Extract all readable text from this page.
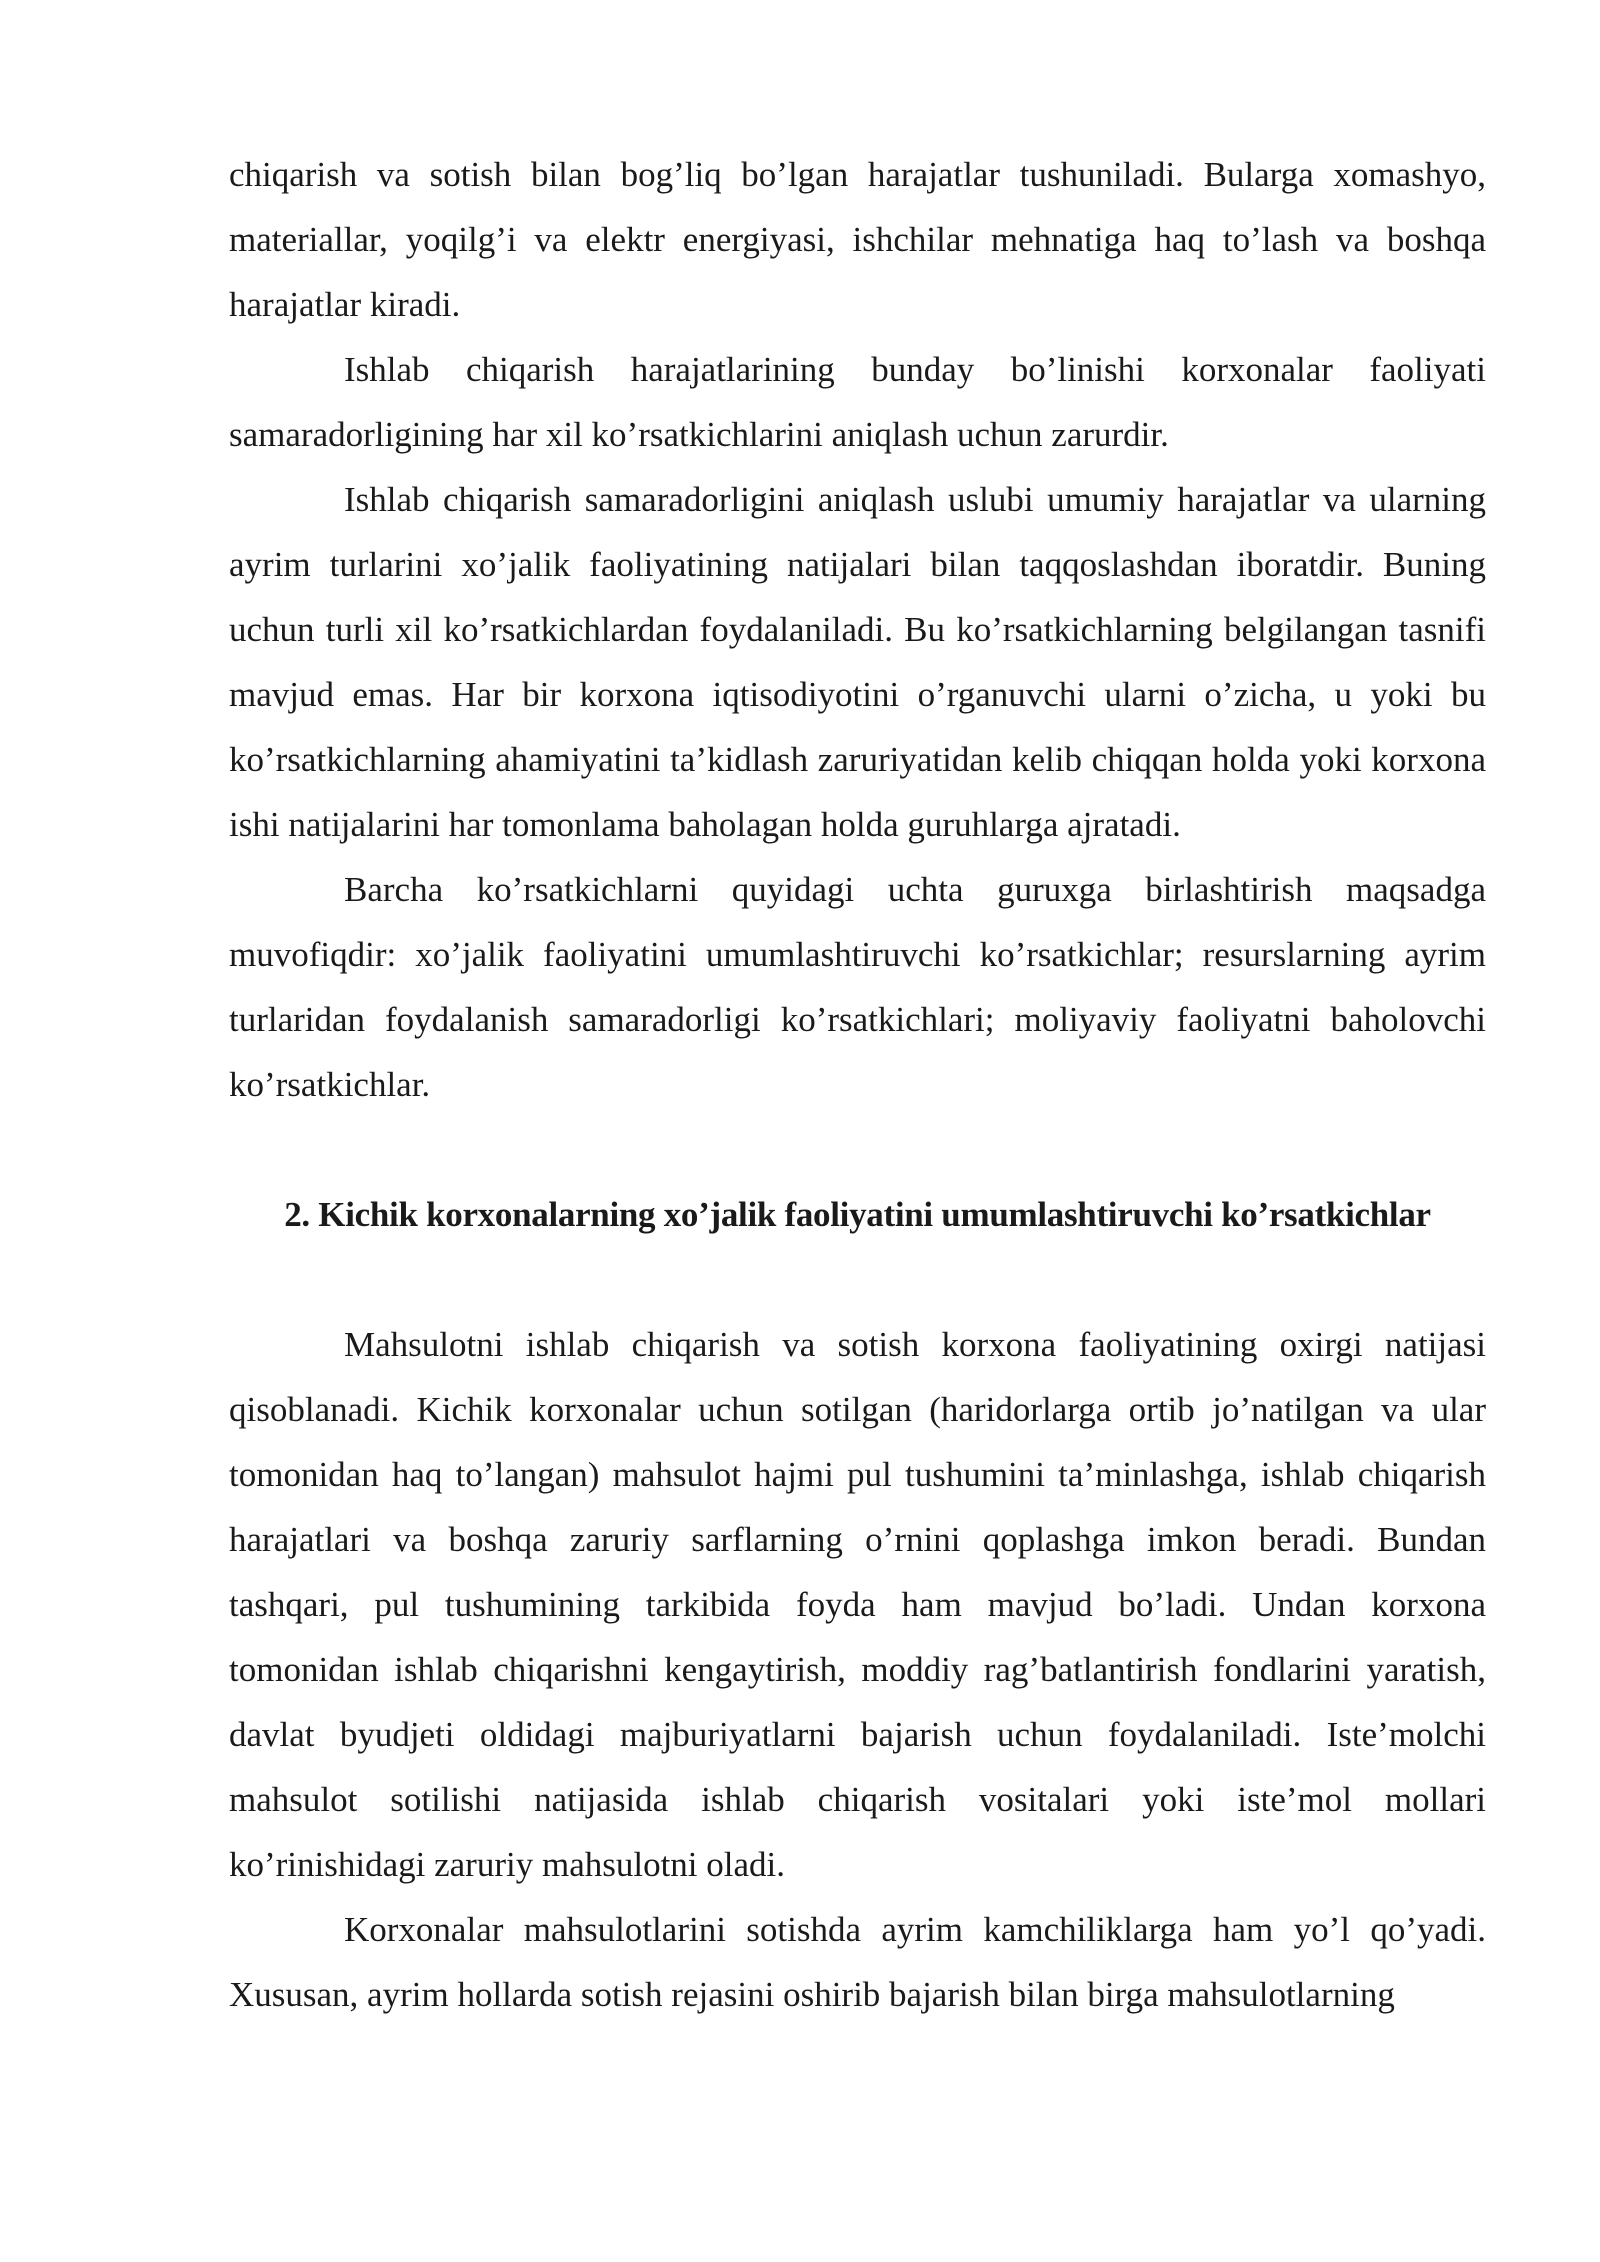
chiqarish va sotish bilan bog’liq bo’lgan harajatlar tushuniladi. Bularga xomashyo, materiallar, yoqilg’i va elektr energiyasi, ishchilar mehnatiga haq to’lash va boshqa harajatlar kiradi.

Ishlab chiqarish harajatlarining bunday bo’linishi korxonalar faoliyati samaradorligining har xil ko’rsatkichlarini aniqlash uchun zarurdir.

Ishlab chiqarish samaradorligini aniqlash uslubi umumiy harajatlar va ularning ayrim turlarini xo’jalik faoliyatining natijalari bilan taqqoslashdan iboratdir. Buning uchun turli xil ko’rsatkichlardan foydalaniladi. Bu ko’rsatkichlarning belgilangan tasnifi mavjud emas. Har bir korxona iqtisodiyotini o’rganuvchi ularni o’zicha, u yoki bu ko’rsatkichlarning ahamiyatini ta’kidlash zaruriyatidan kelib chiqqan holda yoki korxona ishi natijalarini har tomonlama baholagan holda guruhlarga ajratadi.

Barcha ko’rsatkichlarni quyidagi uchta guruxga birlashtirish maqsadga muvofiqdir: xo’jalik faoliyatini umumlashtiruvchi ko’rsatkichlar; resurslarning ayrim turlaridan foydalanish samaradorligi ko’rsatkichlari; moliyaviy faoliyatni baholovchi ko’rsatkichlar.

2. Kichik korxonalarning xo’jalik faoliyatini umumlashtiruvchi ko’rsatkichlar

Mahsulotni ishlab chiqarish va sotish korxona faoliyatining oxirgi natijasi qisoblanadi. Kichik korxonalar uchun sotilgan (haridorlarga ortib jo’natilgan va ular tomonidan haq to’langan) mahsulot hajmi pul tushumini ta’minlashga, ishlab chiqarish harajatlari va boshqa zaruriy sarflarning o’rnini qoplashga imkon beradi. Bundan tashqari, pul tushumining tarkibida foyda ham mavjud bo’ladi. Undan korxona tomonidan ishlab chiqarishni kengaytirish, moddiy rag’batlantirish fondlarini yaratish, davlat byudjeti oldidagi majburiyatlarni bajarish uchun foydalaniladi. Iste’molchi mahsulot sotilishi natijasida ishlab chiqarish vositalari yoki iste’mol mollari ko’rinishidagi zaruriy mahsulotni oladi.

Korxonalar mahsulotlarini sotishda ayrim kamchiliklarga ham yo’l qo’yadi. Xususan, ayrim hollarda sotish rejasini oshirib bajarish bilan birga mahsulotlarning
